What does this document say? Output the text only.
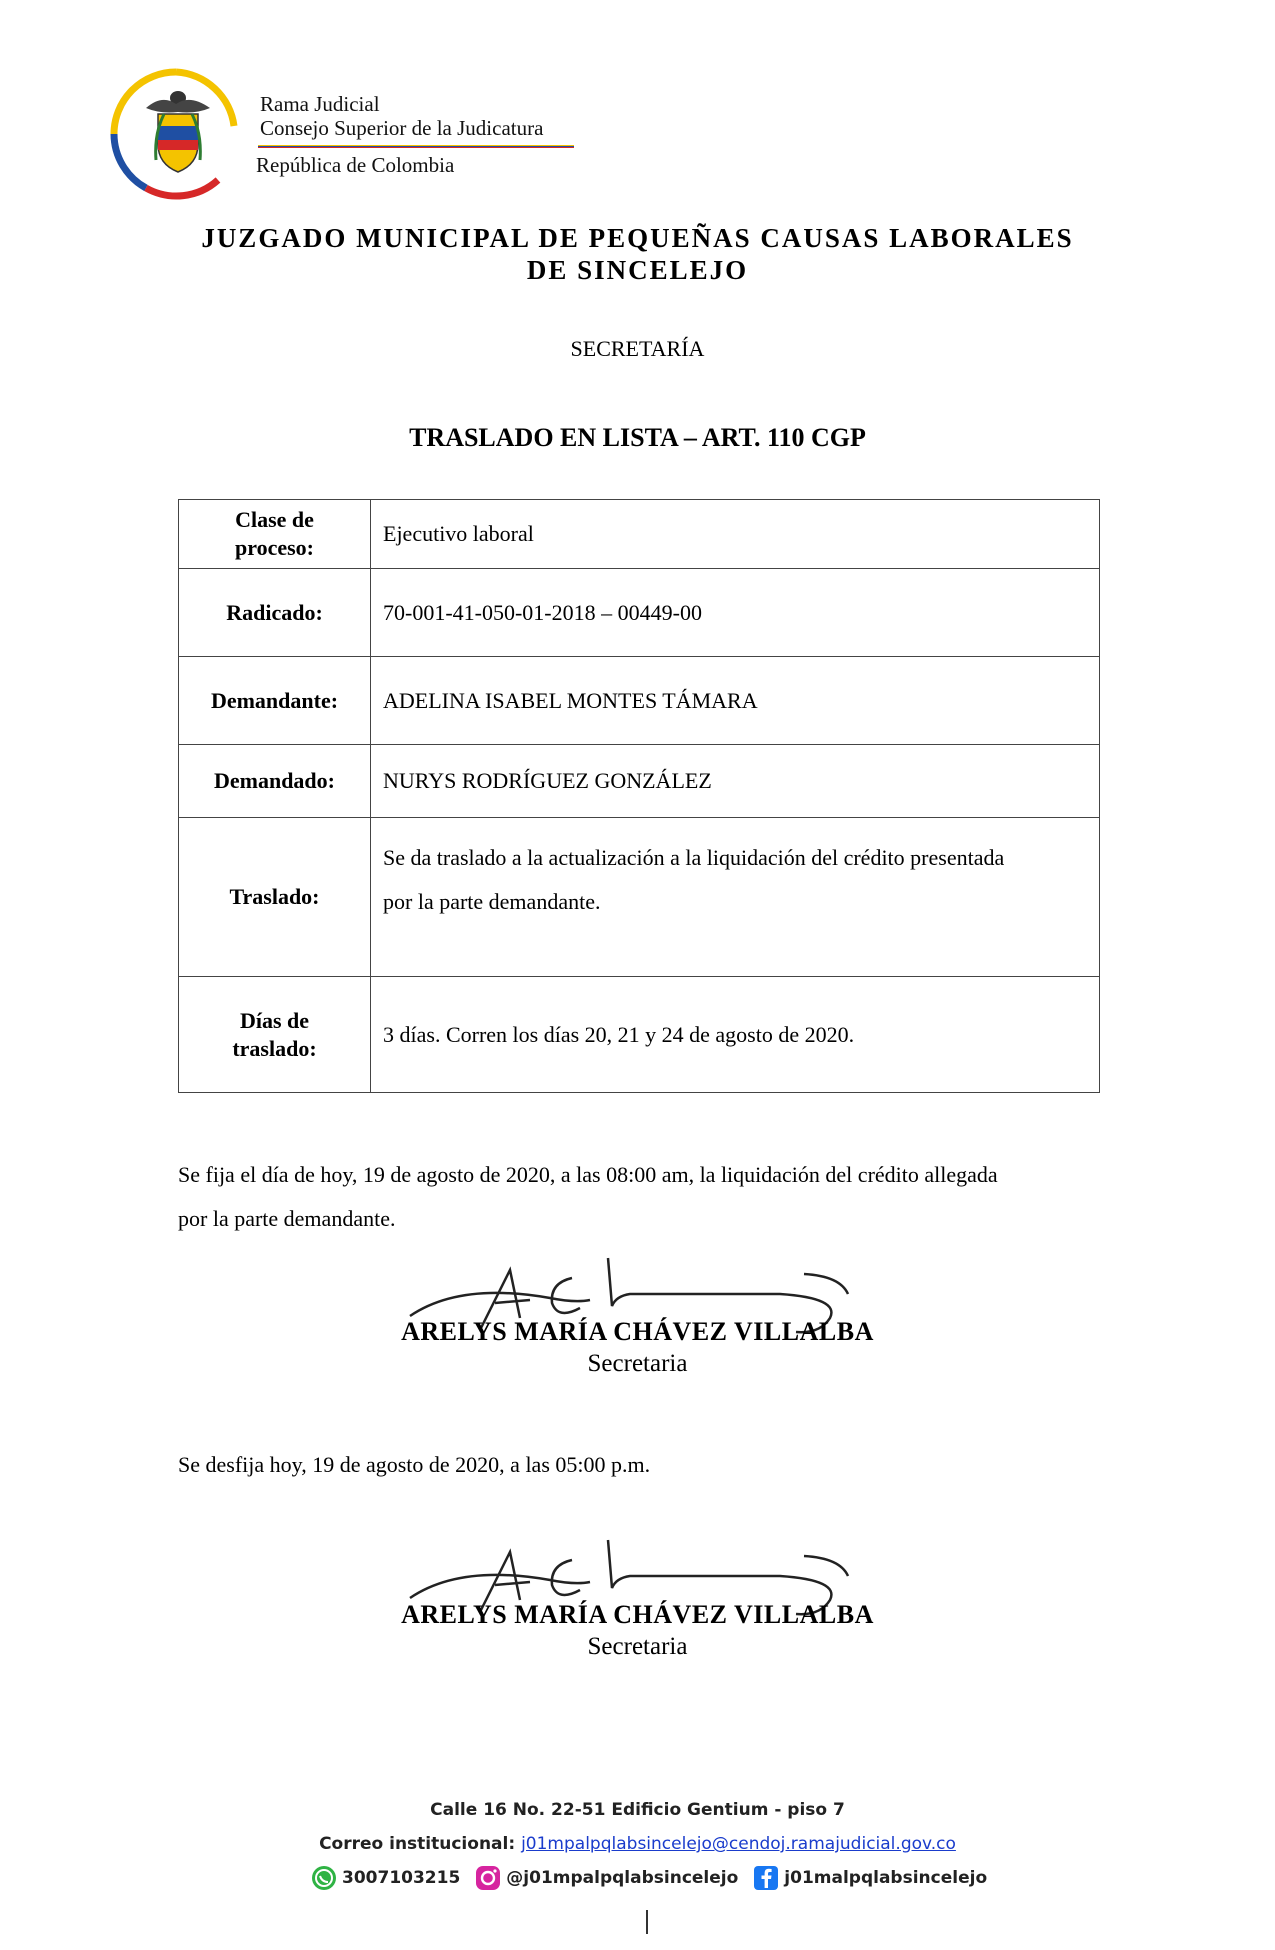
Rama Judicial
Consejo Superior de la Judicatura
República de Colombia
JUZGADO MUNICIPAL DE PEQUEÑAS CAUSAS LABORALES
DE SINCELEJO
SECRETARÍA
TRASLADO EN LISTA – ART. 110 CGP
Clase de
proceso:	Ejecutivo laboral
Radicado:	70-001-41-050-01-2018 – 00449-00
Demandante:	ADELINA ISABEL MONTES TÁMARA
Demandado:	NURYS RODRÍGUEZ GONZÁLEZ
Traslado:	Se da traslado a la actualización a la liquidación del crédito presentada
por la parte demandante.

Días de
traslado:	3 días. Corren los días 20, 21 y 24 de agosto de 2020.
Se fija el día de hoy, 19 de agosto de 2020, a las 08:00 am, la liquidación del crédito allegada
por la parte demandante.
ARELYS MARÍA CHÁVEZ VILLALBA
Secretaria
Se desfija hoy, 19 de agosto de 2020, a las 05:00 p.m.
ARELYS MARÍA CHÁVEZ VILLALBA
Secretaria
Calle 16 No. 22-51 Edificio Gentium - piso 7
Correo institucional: j01mpalpqlabsincelejo@cendoj.ramajudicial.gov.co
3007103215	@j01mpalpqlabsincelejo	j01malpqlabsincelejo
